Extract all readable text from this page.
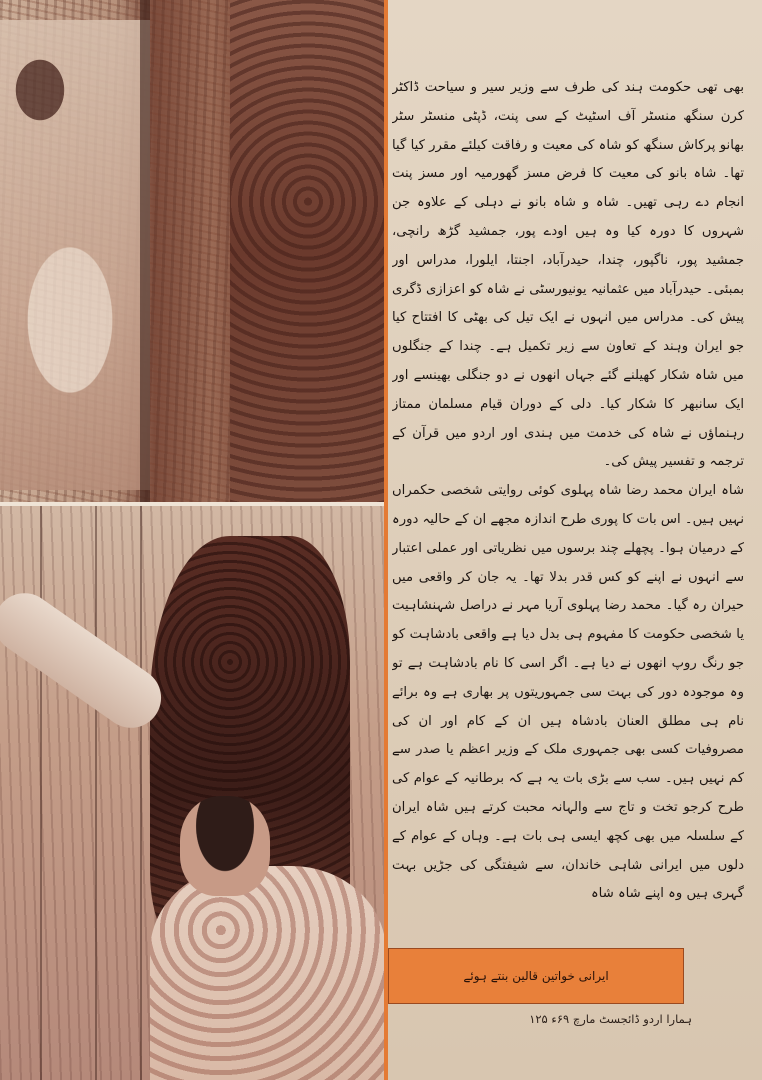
بھی تھی حکومت ہند کی طرف سے وزیر سیر و سیاحت ڈاکٹر کرن سنگھ منسٹر آف اسٹیٹ کے سی پنت، ڈپٹی منسٹر سٹر بھانو پرکاش سنگھ کو شاہ کی معیت و رفاقت کیلئے مقرر کیا گیا تھا۔ شاہ بانو کی معیت کا فرض مسز گھورمیہ اور مسز پنت انجام دے رہی تھیں۔ شاہ و شاہ بانو نے دہلی کے علاوہ جن شہروں کا دورہ کیا وہ ہیں اودے پور، جمشید گڑھ رانچی، جمشید پور، ناگپور، چندا، حیدرآباد، اجنتا، ایلورا، مدراس اور بمبئی۔ حیدرآباد میں عثمانیہ یونیورسٹی نے شاہ کو اعزازی ڈگری پیش کی۔ مدراس میں انہوں نے ایک تیل کی بھٹی کا افتتاح کیا جو ایران وہند کے تعاون سے زیر تکمیل ہے۔ چندا کے جنگلوں میں شاہ شکار کھیلنے گئے جہاں انھوں نے دو جنگلی بھینسے اور ایک سانبھر کا شکار کیا۔ دلی کے دوران قیام مسلمان ممتاز رہنماؤں نے شاہ کی خدمت میں ہندی اور اردو میں قرآن کے ترجمہ و تفسیر پیش کی۔

شاہ ایران محمد رضا شاہ پہلوی کوئی روایتی شخصی حکمراں نہیں ہیں۔ اس بات کا پوری طرح اندازہ مجھے ان کے حالیہ دورہ کے درمیان ہوا۔ پچھلے چند برسوں میں نظریاتی اور عملی اعتبار سے انہوں نے اپنے کو کس قدر بدلا تھا۔ یہ جان کر واقعی میں حیران رہ گیا۔ محمد رضا پہلوی آریا مہر نے دراصل شہنشاہیت یا شخصی حکومت کا مفہوم ہی بدل دیا ہے واقعی بادشاہت کو جو رنگ روپ انھوں نے دیا ہے۔ اگر اسی کا نام بادشاہت ہے تو وہ موجودہ دور کی بہت سی جمہوریتوں پر بھاری ہے وہ برائے نام ہی مطلق العنان بادشاہ ہیں ان کے کام اور ان کی مصروفیات کسی بھی جمہوری ملک کے وزیر اعظم یا صدر سے کم نہیں ہیں۔ سب سے بڑی بات یہ ہے کہ برطانیہ کے عوام کی طرح کرجو تخت و تاج سے والہانہ محبت کرتے ہیں شاہ ایران کے سلسلہ میں بھی کچھ ایسی ہی بات ہے۔ وہاں کے عوام کے دلوں میں ایرانی شاہی خاندان، سے شیفتگی کی جڑیں بہت گہری ہیں وہ اپنے شاہ شاہ

ایرانی خواتین قالین بنتے ہوئے
ہمارا اردو ڈائجسٹ مارچ ۶۹ء ۱۲۵
